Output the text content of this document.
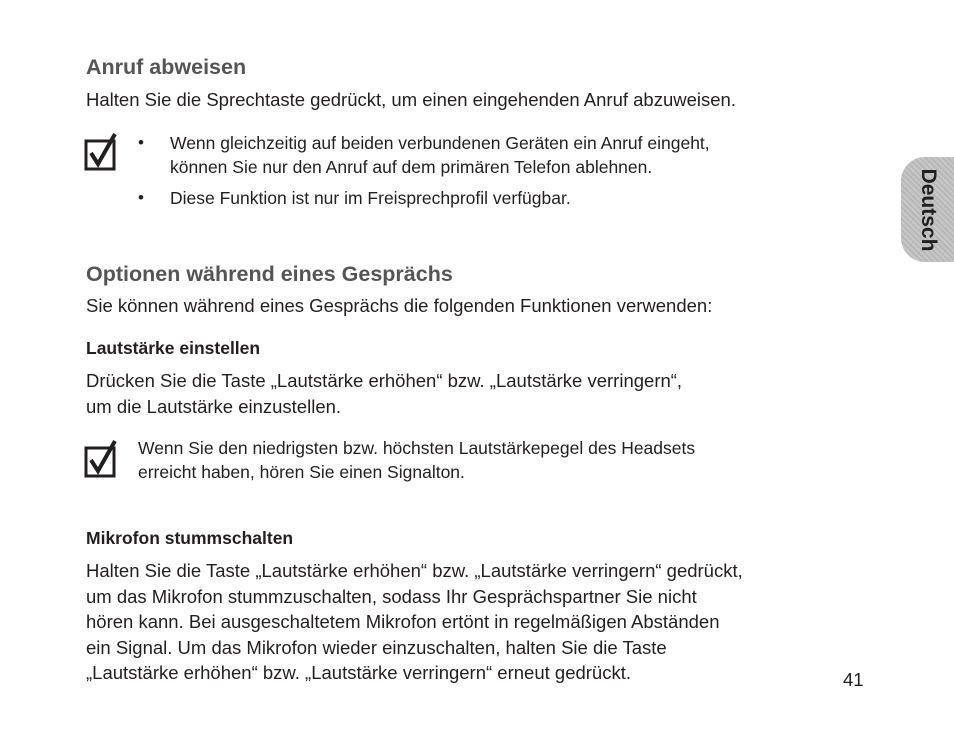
Deutsch
Anruf abweisen

Halten Sie die Sprechtaste gedrückt, um einen eingehenden Anruf abzuweisen.

• Wenn gleichzeitig auf beiden verbundenen Geräten ein Anruf eingeht,
können Sie nur den Anruf auf dem primären Telefon ablehnen.
• Diese Funktion ist nur im Freisprechprofil verfügbar.
Optionen während eines Gesprächs

Sie können während eines Gesprächs die folgenden Funktionen verwenden:

Lautstärke einstellen
Drücken Sie die Taste „Lautstärke erhöhen“ bzw. „Lautstärke verringern“,
um die Lautstärke einzustellen.
Wenn Sie den niedrigsten bzw. höchsten Lautstärkepegel des Headsets
erreicht haben, hören Sie einen Signalton.
Mikrofon stummschalten
Halten Sie die Taste „Lautstärke erhöhen“ bzw. „Lautstärke verringern“ gedrückt,
um das Mikrofon stummzuschalten, sodass Ihr Gesprächspartner Sie nicht
hören kann. Bei ausgeschaltetem Mikrofon ertönt in regelmäßigen Abständen
ein Signal. Um das Mikrofon wieder einzuschalten, halten Sie die Taste
„Lautstärke erhöhen“ bzw. „Lautstärke verringern“ erneut gedrückt.	41
